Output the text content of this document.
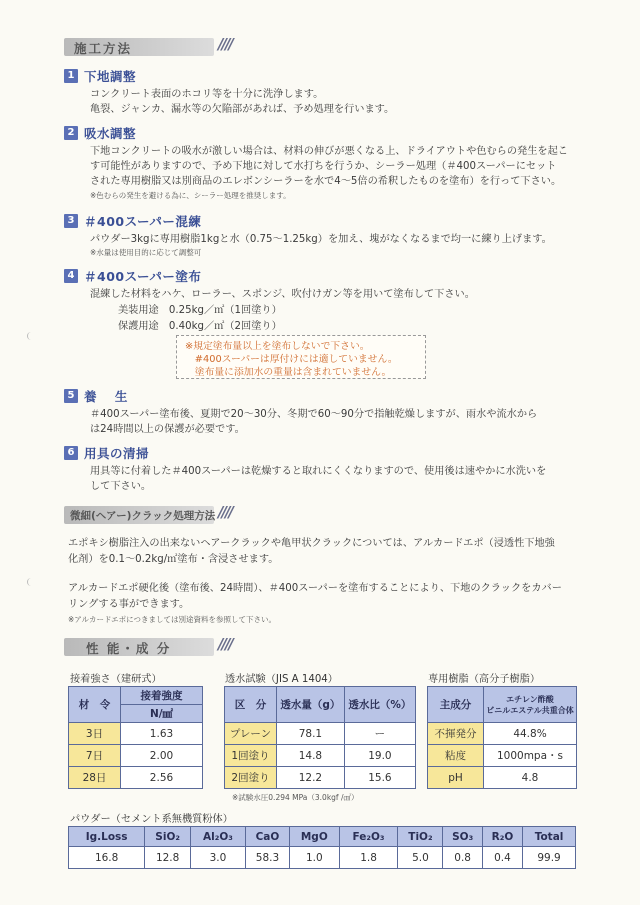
施工方法	////
1 下地調整
コンクリート表面のホコリ等を十分に洗浄します。
亀裂、ジャンカ、漏水等の欠陥部があれば、予め処理を行います。
2 吸水調整
下地コンクリートの吸水が激しい場合は、材料の伸びが悪くなる上、ドライアウトや色むらの発生を起こ
す可能性がありますので、予め下地に対して水打ちを行うか、シーラー処理（＃400スーパーにセット
された専用樹脂又は別商品のエレボンシーラーを水で4〜5倍の希釈したものを塗布）を行って下さい。
※色むらの発生を避ける為に、シーラー処理を推奨します。
3 ＃400スーパー混練
パウダー3kgに専用樹脂1kgと水（0.75〜1.25kg）を加え、塊がなくなるまで均一に練り上げます。
※水量は使用目的に応じて調整可
4 ＃400スーパー塗布
混練した材料をハケ、ローラー、スポンジ、吹付けガン等を用いて塗布して下さい。
美装用途　0.25kg／㎡（1回塗り）
保護用途　0.40kg／㎡（2回塗り）
※規定塗布量以上を塗布しないで下さい。
　#400スーパーは厚付けには適していません。
　塗布量に添加水の重量は含まれていません。
5 養　 生
＃400スーパー塗布後、夏期で20〜30分、冬期で60〜90分で指触乾燥しますが、雨水や流水から
は24時間以上の保護が必要です。
6 用具の清掃
用具等に付着した＃400スーパーは乾燥すると取れにくくなりますので、使用後は速やかに水洗いを
して下さい。
微細(ヘアー)クラック処理方法 ////
エポキシ樹脂注入の出来ないヘアークラックや亀甲状クラックについては、アルカードエポ（浸透性下地強
化剤）を0.1〜0.2kg/㎡塗布・含浸させます。
アルカードエポ硬化後（塗布後、24時間）、＃400スーパーを塗布することにより、下地のクラックをカバー
リングする事ができます。
※アルカードエポにつきましては別途資料を参照して下さい。
性 能・成 分	////
接着強さ（建研式）
材　令	接着強度
	N/㎟
3日	1.63
7日	2.00
28日	2.56
透水試験（JIS A 1404）
区　分	透水量（g）	透水比（%）
プレーン	78.1	ー
1回塗り	14.8	19.0
2回塗り	12.2	15.6
※試験水圧0.294 MPa（3.0kgf /㎠）
専用樹脂（高分子樹脂）
主成分	エチレン酢酸
ビニルエステル共重合体

不揮発分	44.8%
粘度	1000mpa・s
pH	4.8
パウダー（セメント系無機質粉体）
Ig.Loss	SiO₂	Al₂O₃	CaO	MgO	Fe₂O₃	TiO₂	SO₃	R₂O	Total
16.8	12.8	3.0	58.3	1.0	1.8	5.0	0.8	0.4	99.9
